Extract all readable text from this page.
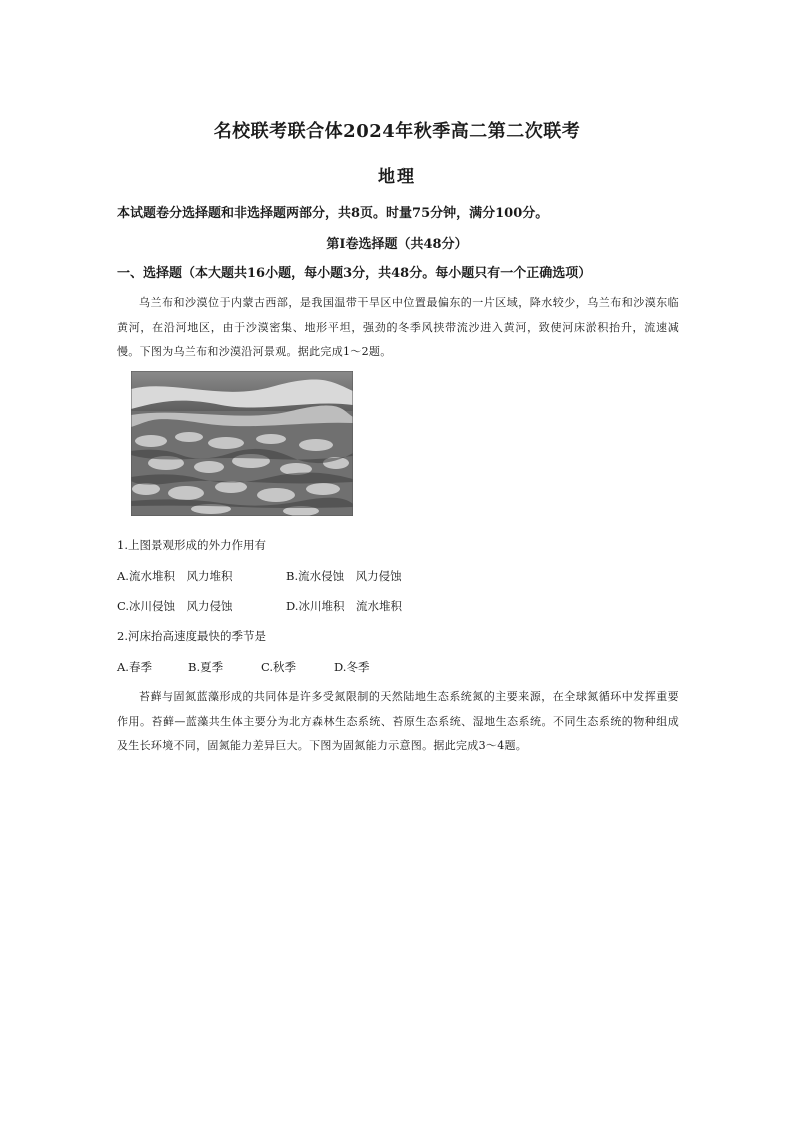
名校联考联合体2024年秋季高二第二次联考
地理
本试题卷分选择题和非选择题两部分，共8页。时量75分钟，满分100分。
第Ⅰ卷选择题（共48分）
一、选择题（本大题共16小题，每小题3分，共48分。每小题只有一个正确选项）
乌兰布和沙漠位于内蒙古西部，是我国温带干旱区中位置最偏东的一片区域，降水较少，乌兰布和沙漠东临黄河，在沿河地区，由于沙漠密集、地形平坦，强劲的冬季风挟带流沙进入黄河，致使河床淤积抬升，流速减慢。下图为乌兰布和沙漠沿河景观。据此完成1～2题。
1.上图景观形成的外力作用有
A.流水堆积　风力堆积	B.流水侵蚀　风力侵蚀
C.冰川侵蚀　风力侵蚀	D.冰川堆积　流水堆积
2.河床抬高速度最快的季节是
A.春季	B.夏季	C.秋季	D.冬季
苔藓与固氮蓝藻形成的共同体是许多受氮限制的天然陆地生态系统氮的主要来源，在全球氮循环中发挥重要作用。苔藓—蓝藻共生体主要分为北方森林生态系统、苔原生态系统、湿地生态系统。不同生态系统的物种组成及生长环境不同，固氮能力差异巨大。下图为固氮能力示意图。据此完成3～4题。
